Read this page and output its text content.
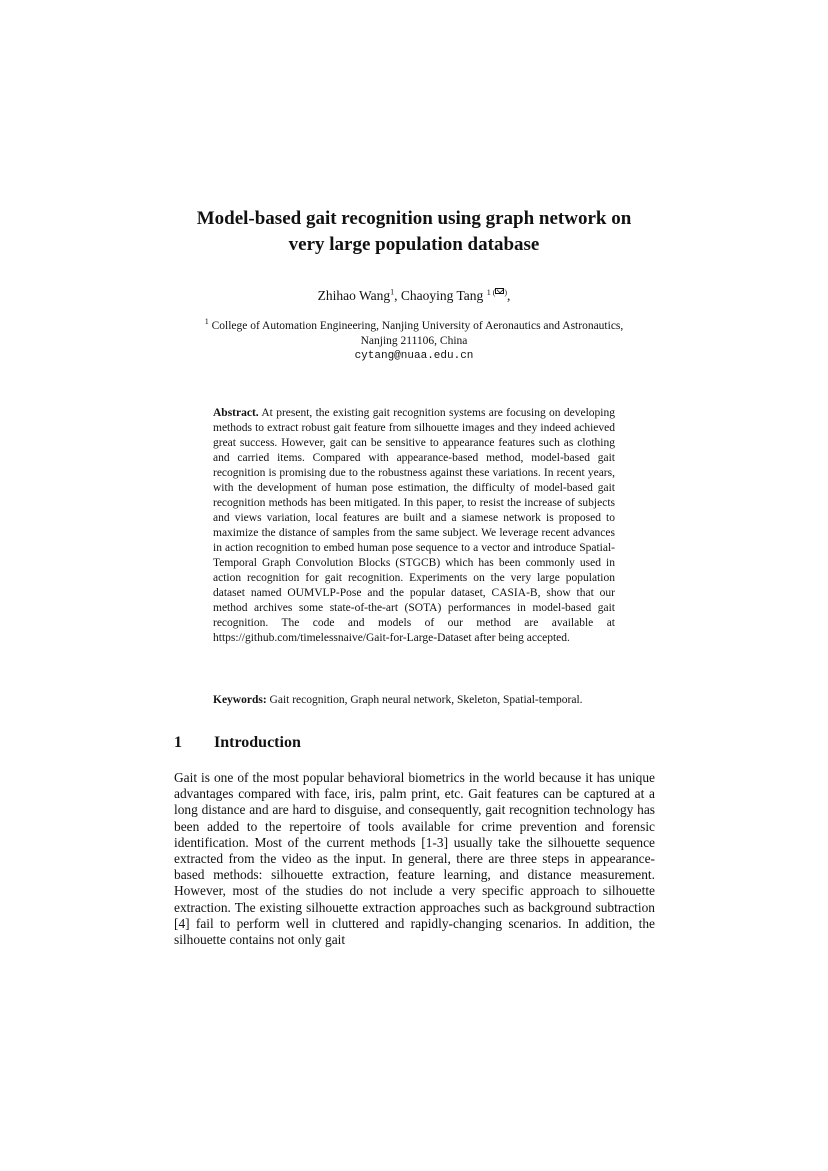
Model-based gait recognition using graph network on
very large population database
Zhihao Wang$^1$, Chaoying Tang $^{1 ( )}$,
$^1$ College of Automation Engineering, Nanjing University of Aeronautics and Astronautics,
Nanjing 211106, China
cytang@nuaa.edu.cn

Abstract. At present, the existing gait recognition systems are focusing on developing methods to extract robust gait feature from silhouette images and they indeed achieved great success. However, gait can be sensitive to appearance features such as clothing and carried items. Compared with appearance-based method, model-based gait recognition is promising due to the robustness against these variations. In recent years, with the development of human pose estimation, the difficulty of model-based gait recognition methods has been mitigated. In this paper, to resist the increase of subjects and views variation, local features are built and a siamese network is proposed to maximize the distance of samples from the same subject. We leverage recent advances in action recognition to embed human pose sequence to a vector and introduce Spatial-Temporal Graph Convolution Blocks (STGCB) which has been commonly used in action recognition for gait recognition. Experiments on the very large population dataset named OUMVLP-Pose and the popular dataset, CASIA-B, show that our method archives some state-of-the-art (SOTA) performances in model-based gait recognition. The code and models of our method are available at https://github.com/timelessnaive/Gait-for-Large-Dataset after being accepted.

Keywords: Gait recognition, Graph neural network, Skeleton, Spatial-temporal.

1 Introduction

Gait is one of the most popular behavioral biometrics in the world because it has unique advantages compared with face, iris, palm print, etc. Gait features can be captured at a long distance and are hard to disguise, and consequently, gait recognition technology has been added to the repertoire of tools available for crime prevention and forensic identification. Most of the current methods [1-3] usually take the silhouette sequence extracted from the video as the input. In general, there are three steps in appearance-based methods: silhouette extraction, feature learning, and distance measurement. However, most of the studies do not include a very specific approach to silhouette extraction. The existing silhouette extraction approaches such as background subtraction [4] fail to perform well in cluttered and rapidly-changing scenarios. In addition, the silhouette contains not only gait
